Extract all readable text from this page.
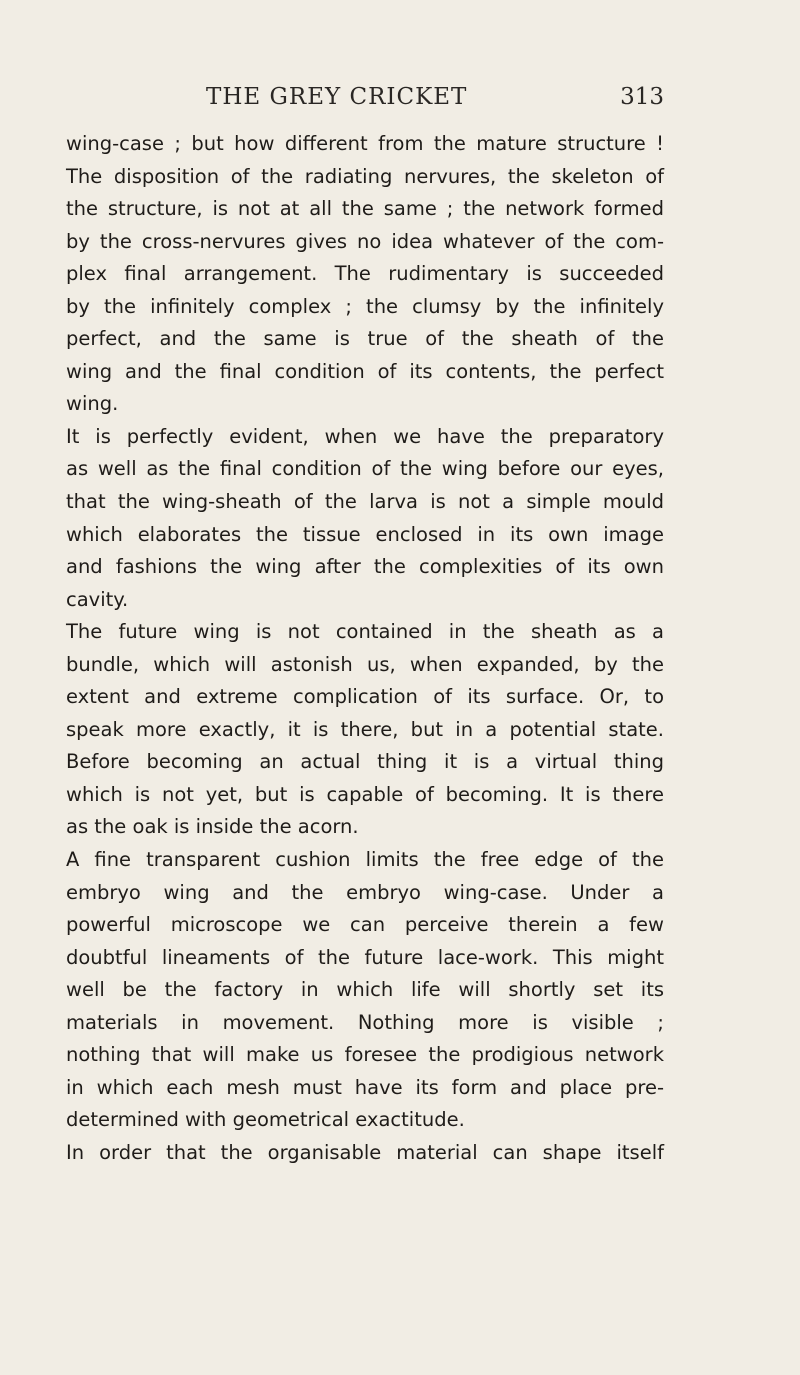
THE GREY CRICKET	313
wing-case ; but how different from the mature structure !
The disposition of the radiating nervures, the skeleton of
the structure, is not at all the same ; the network formed
by the cross-nervures gives no idea whatever of the com-
plex final arrangement. The rudimentary is succeeded
by the infinitely complex ; the clumsy by the infinitely
perfect, and the same is true of the sheath of the
wing and the final condition of its contents, the perfect
wing.
It is perfectly evident, when we have the preparatory
as well as the final condition of the wing before our eyes,
that the wing-sheath of the larva is not a simple mould
which elaborates the tissue enclosed in its own image
and fashions the wing after the complexities of its own
cavity.
The future wing is not contained in the sheath as a
bundle, which will astonish us, when expanded, by the
extent and extreme complication of its surface. Or, to
speak more exactly, it is there, but in a potential state.
Before becoming an actual thing it is a virtual thing
which is not yet, but is capable of becoming. It is there
as the oak is inside the acorn.
A fine transparent cushion limits the free edge of the
embryo wing and the embryo wing-case. Under a
powerful microscope we can perceive therein a few
doubtful lineaments of the future lace-work. This might
well be the factory in which life will shortly set its
materials in movement. Nothing more is visible ;
nothing that will make us foresee the prodigious network
in which each mesh must have its form and place pre-
determined with geometrical exactitude.
In order that the organisable material can shape itself
